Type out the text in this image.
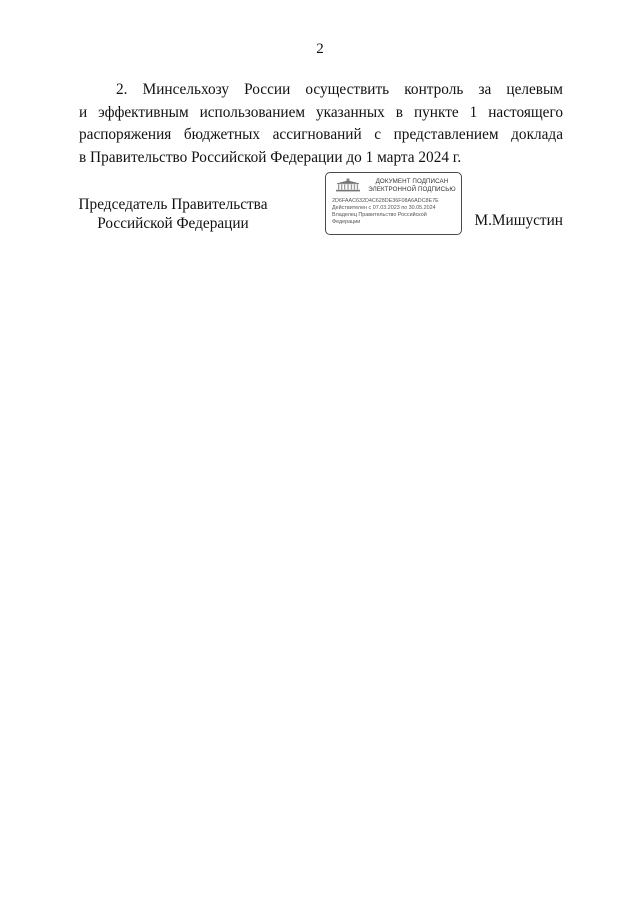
2

2. Минсельхозу России осуществить контроль за целевым
и эффективным использованием указанных в пункте 1 настоящего
распоряжения бюджетных ассигнований с представлением доклада
в Правительство Российской Федерации до 1 марта 2024 г.

Председатель Правительства
Российской Федерации
ДОКУМЕНТ ПОДПИСАН
ЭЛЕКТРОННОЙ ПОДПИСЬЮ
2D6FAAC632D4C628DE36F08A6ADC8E7E
Действителен с 07.03.2023 по 30.05.2024
Владелец Правительство Российской
Федерации	М.Мишустин
